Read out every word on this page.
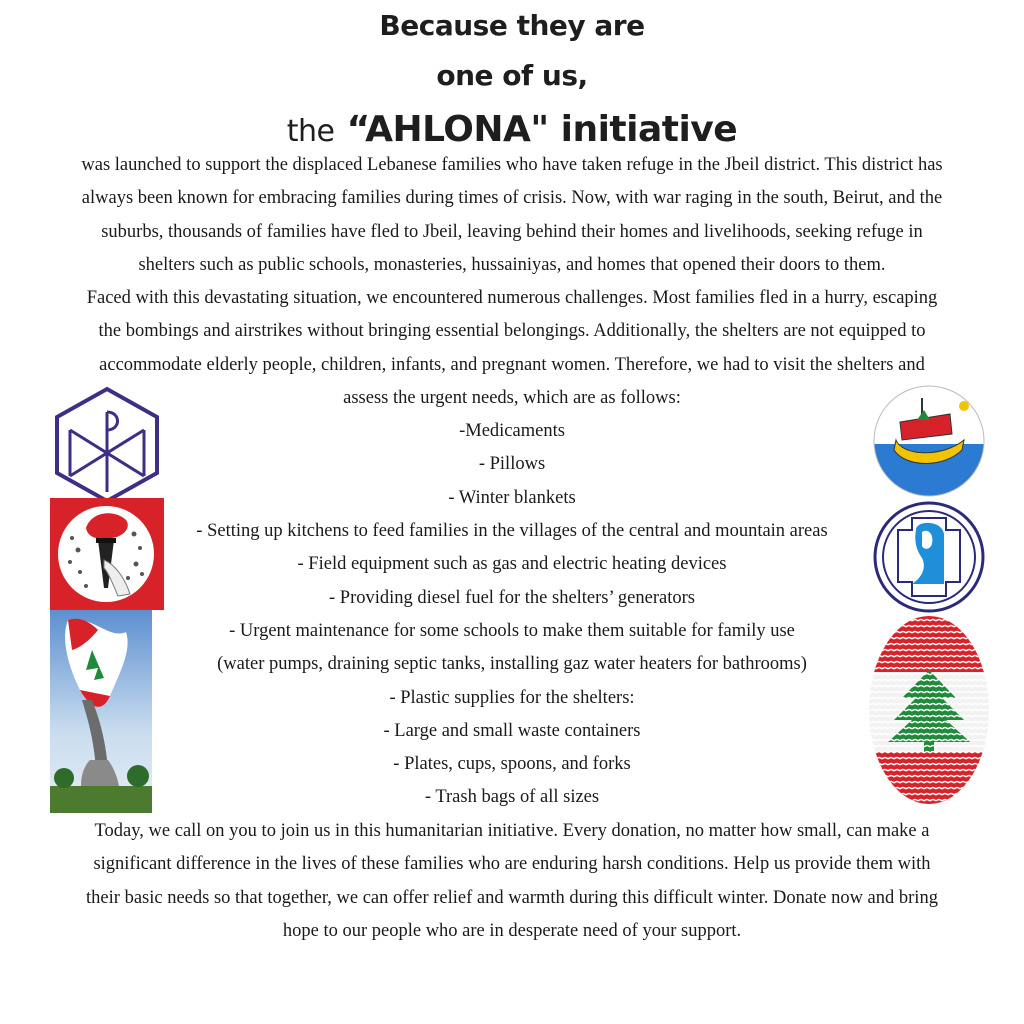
Because they are
one of us,
the “AHLONA" initiative
was launched to support the displaced Lebanese families who have taken refuge in the Jbeil district. This district has
always been known for embracing families during times of crisis. Now, with war raging in the south, Beirut, and the
suburbs, thousands of families have fled to Jbeil, leaving behind their homes and livelihoods, seeking refuge in
shelters such as public schools, monasteries, hussainiyas, and homes that opened their doors to them.
Faced with this devastating situation, we encountered numerous challenges. Most families fled in a hurry, escaping
the bombings and airstrikes without bringing essential belongings. Additionally, the shelters are not equipped to
accommodate elderly people, children, infants, and pregnant women. Therefore, we had to visit the shelters and
assess the urgent needs, which are as follows:
-Medicaments
- Pillows
- Winter blankets
- Setting up kitchens to feed families in the villages of the central and mountain areas
- Field equipment such as gas and electric heating devices
- Providing diesel fuel for the shelters’ generators
- Urgent maintenance for some schools to make them suitable for family use
(water pumps, draining septic tanks, installing gaz water heaters for bathrooms)
- Plastic supplies for the shelters:
- Large and small waste containers
- Plates, cups, spoons, and forks
- Trash bags of all sizes
Today, we call on you to join us in this humanitarian initiative. Every donation, no matter how small, can make a
significant difference in the lives of these families who are enduring harsh conditions. Help us provide them with
their basic needs so that together, we can offer relief and warmth during this difficult winter. Donate now and bring
hope to our people who are in desperate need of your support.
